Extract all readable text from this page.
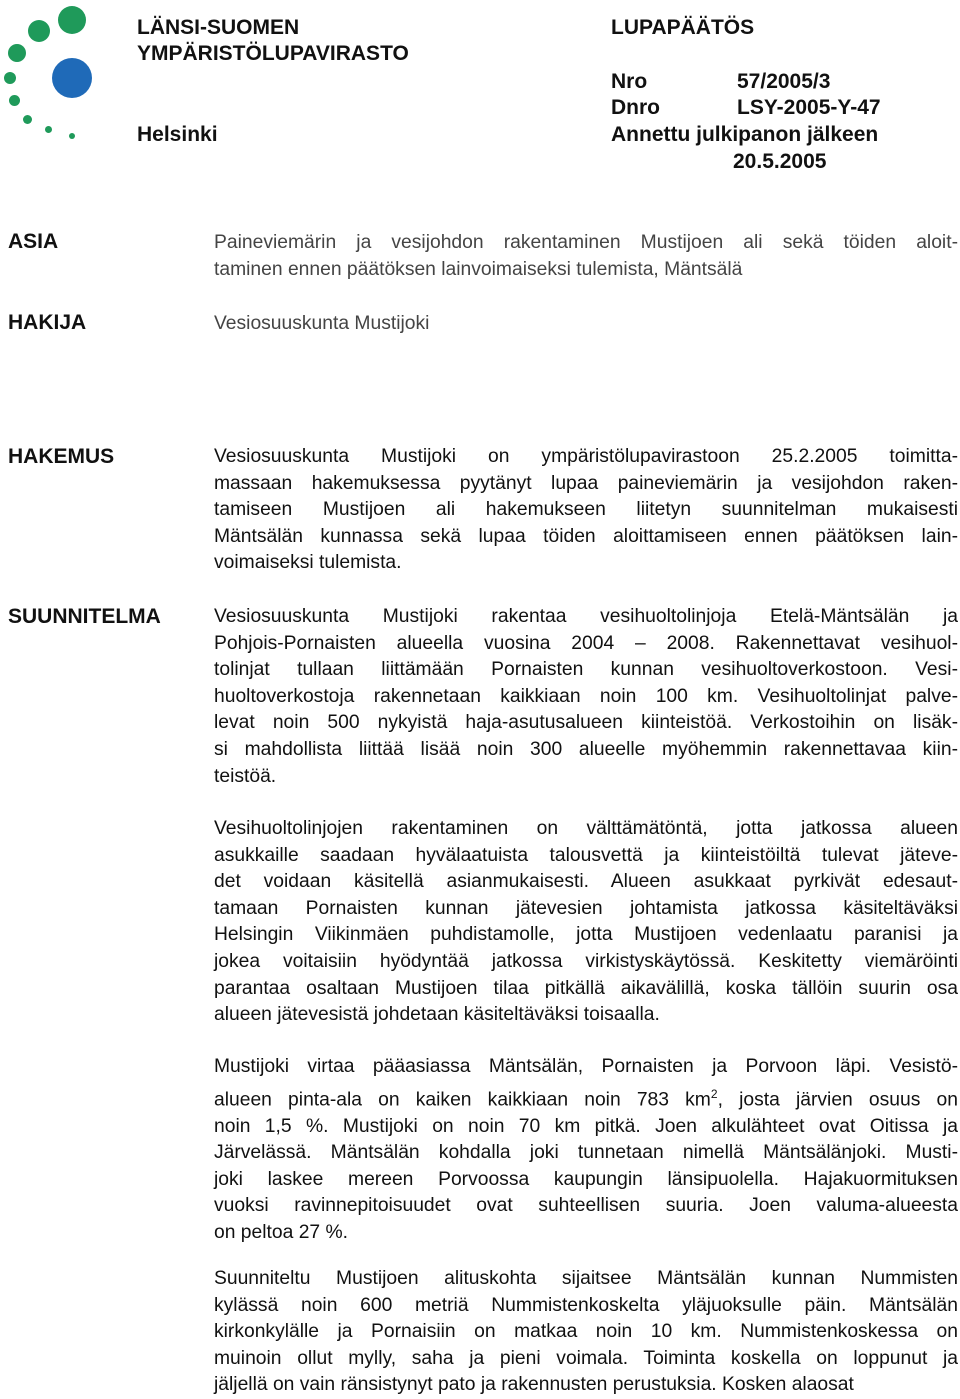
LÄNSI-SUOMEN
YMPÄRISTÖLUPAVIRASTO
Helsinki
LUPAPÄÄTÖS
Nro	57/2005/3
Dnro	LSY-2005-Y-47
Annettu julkipanon jälkeen
20.5.2005
ASIA	Paineviemärin ja vesijohdon rakentaminen Mustijoen ali sekä töiden aloit-
taminen ennen päätöksen lainvoimaiseksi tulemista, Mäntsälä

HAKIJA	Vesiosuuskunta Mustijoki

HAKEMUS	Vesiosuuskunta Mustijoki on ympäristölupavirastoon 25.2.2005 toimitta-
massaan hakemuksessa pyytänyt lupaa paineviemärin ja vesijohdon raken-
tamiseen Mustijoen ali hakemukseen liitetyn suunnitelman mukaisesti
Mäntsälän kunnassa sekä lupaa töiden aloittamiseen ennen päätöksen lain-
voimaiseksi tulemista.

SUUNNITELMA	Vesiosuuskunta Mustijoki rakentaa vesihuoltolinjoja Etelä-Mäntsälän ja
Pohjois-Pornaisten alueella vuosina 2004 – 2008. Rakennettavat vesihuol-
tolinjat tullaan liittämään Pornaisten kunnan vesihuoltoverkostoon. Vesi-
huoltoverkostoja rakennetaan kaikkiaan noin 100 km. Vesihuoltolinjat palve-
levat noin 500 nykyistä haja-asutusalueen kiinteistöä. Verkostoihin on lisäk-
si mahdollista liittää lisää noin 300 alueelle myöhemmin rakennettavaa kiin-
teistöä.

Vesihuoltolinjojen rakentaminen on välttämätöntä, jotta jatkossa alueen
asukkaille saadaan hyvälaatuista talousvettä ja kiinteistöiltä tulevat jäteve-
det voidaan käsitellä asianmukaisesti. Alueen asukkaat pyrkivät edesaut-
tamaan Pornaisten kunnan jätevesien johtamista jatkossa käsiteltäväksi
Helsingin Viikinmäen puhdistamolle, jotta Mustijoen vedenlaatu paranisi ja
jokea voitaisiin hyödyntää jatkossa virkistyskäytössä. Keskitetty viemäröinti
parantaa osaltaan Mustijoen tilaa pitkällä aikavälillä, koska tällöin suurin osa
alueen jätevesistä johdetaan käsiteltäväksi toisaalla.

Mustijoki virtaa pääasiassa Mäntsälän, Pornaisten ja Porvoon läpi. Vesistö-
alueen pinta-ala on kaiken kaikkiaan noin 783 $km^2$, josta järvien osuus on
noin 1,5 %. Mustijoki on noin 70 km pitkä. Joen alkulähteet ovat Oitissa ja
Järvelässä. Mäntsälän kohdalla joki tunnetaan nimellä Mäntsälänjoki. Musti-
joki laskee mereen Porvoossa kaupungin länsipuolella. Hajakuormituksen
vuoksi ravinnepitoisuudet ovat suhteellisen suuria. Joen valuma-alueesta
on peltoa 27 %.

Suunniteltu Mustijoen alituskohta sijaitsee Mäntsälän kunnan Nummisten
kylässä noin 600 metriä Nummistenkoskelta yläjuoksulle päin. Mäntsälän
kirkonkylälle ja Pornaisiin on matkaa noin 10 km. Nummistenkoskessa on
muinoin ollut mylly, saha ja pieni voimala. Toiminta koskella on loppunut ja
jäljellä on vain ränsistynyt pato ja rakennusten perustuksia. Kosken alaosat
